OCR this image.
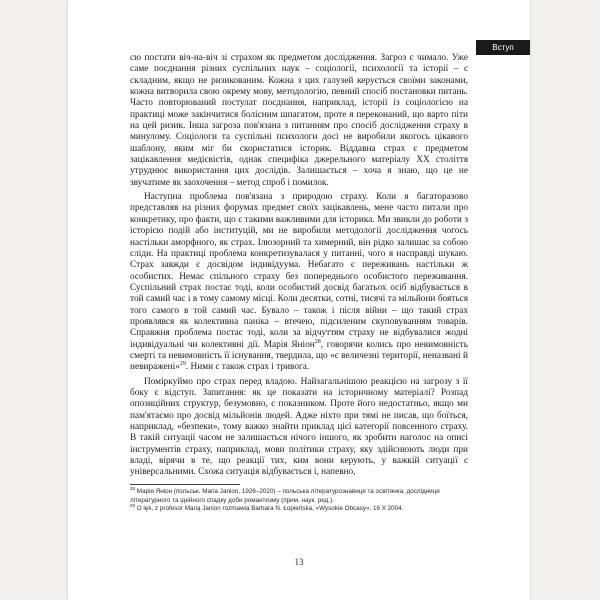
Вступ

сю постати віч-на-віч зі страхом як предметом дослідження. Загроз є чимало. Уже саме поєднання різних суспільних наук – соціології, психології та історії – є складним, якщо не ризикованим. Кожна з цих галузей керується своїми законами, кожна витворила свою окрему мову, методологію, певний спосіб постановки питань. Часто повторюваний постулат поєднання, наприклад, історії із соціологією на практиці може закінчитися болісним шпагатом, проте я переконаний, що варто піти на цей ризик. Інша загроза пов'язана з питанням про спосіб дослідження страху в минулому. Соціологи та суспільні психологи досі не виробили якогось цікавого шаблону, яким міг би скористатися історик. Віддавна страх є предметом зацікавлення медієвістів, однак специфіка джерельного матеріалу XX століття утруднює використання цих дослідів. Залишається – хоча я знаю, що це не звучатиме як заохочення – метод спроб і помилок.

Наступна проблема пов'язана з природою страху. Коли я багаторазово представляв на різних форумах предмет своїх зацікавлень, мене часто питали про конкретику, про факти, що є такими важливими для історика. Ми звикли до роботи з історією подій або інституцій, ми не виробили методології дослідження чогось настільки аморфного, як страх. Ілюзорний та химерний, він рідко залишає за собою сліди. На практиці проблема конкретизувалася у питанні, чого я насправді шукаю. Страх завжди є досвідом індивідуума. Небагато є переживань настільки ж особистих. Немає спільного страху без попереднього особистого переживання. Суспільний страх постає тоді, коли особистий досвід багатьох осіб відбувається в той самий час і в тому самому місці. Коли десятки, сотні, тисячі та мільйони бояться того самого в той самий час. Бувало – також і після війни – що такий страх проявлявся як колективна паніка – втечею, підсиленим скуповуванням товарів. Справжня проблема постає тоді, коли за відчуттям страху не відбувалися жодні індивідуальні чи колективні дії. Марія Яніон$^{28}$, говорячи колись про невимовність смерті та невимовність її існування, твердила, що «є величезні території, неназвані й невиражені»$^{29}$. Ними є також страх і тривога.

Поміркуймо про страх перед владою. Найзагальнішою реакцією на загрозу з її боку є відступ. Запитання: як це показати на історичному матеріалі? Розпад опозиційних структур, безумовно, є показником. Проте його недостатньо, якщо ми пам'ятаємо про досвід мільйонів людей. Адже ніхто при тямі не писав, що боїться, наприклад, «безпеки», тому важко знайти приклад цієї категорії повсенного страху. В такій ситуації часом не залишається нічого іншого, як зробити наголос на описі інструментів страху, наприклад, мови політики страху, яку здійснюють люди при владі, вірячи в те, що реакції тих, ким вони керують, у важкій ситуації є універсальними. Схожа ситуація відбувається і, напевно,

$^{28}$ Марія Яніон (польськ. Maria Janion, 1926–2020) – польська літературознавиця та освітянка, дослідниця літературного та ідейного спадку доби романтизму (прим. наук. ред.).

$^{29}$ O lęk, z profesor Marią Janion rozmawia Barbara N. Łopieńska, «Wysokie Obcasy», 16 X 2004.

13
